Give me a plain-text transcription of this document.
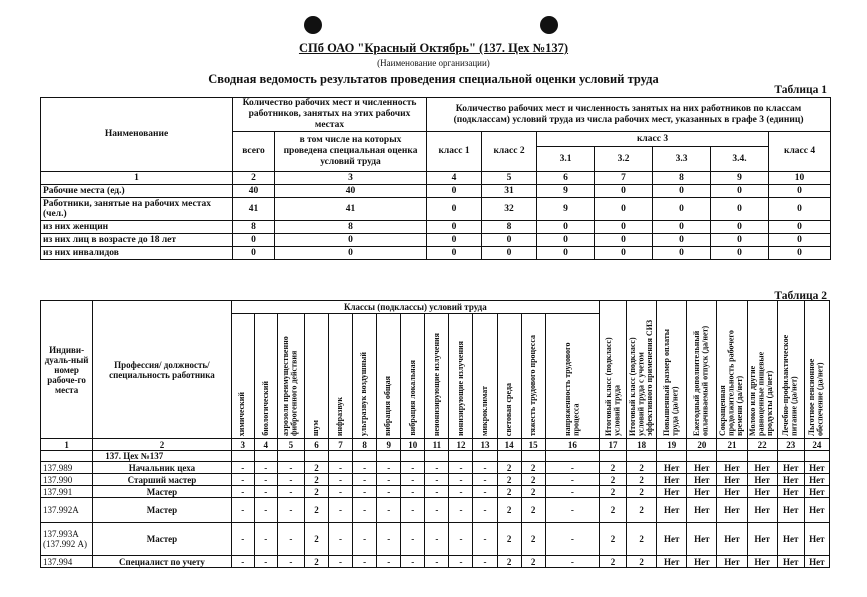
СПб ОАО "Красный Октябрь" (137. Цех №137)
(Наименование организации)
Сводная ведомость результатов проведения специальной оценки условий труда
Таблица 1
Наименование	Количество рабочих мест и численность работников, занятых на этих рабочих местах		Количество рабочих мест и численность занятых на них работников по классам (подклассам) условий труда из числа рабочих мест, указанных в графе 3 (единиц)						
	всего	в том числе на которых проведена специальная оценка условий труда	класс 1	класс 2	класс 3				класс 4
					3.1	3.2	3.3	3.4.	
1	2	3	4	5	6	7	8	9	10
Рабочие места (ед.)	40	40	0	31	9	0	0	0	0
Работники, занятые на рабочих местах (чел.)	41	41	0	32	9	0	0	0	0
из них женщин	8	8	0	8	0	0	0	0	0
из них лиц в возрасте до 18 лет	0	0	0	0	0	0	0	0	0
из них инвалидов	0	0	0	0	0	0	0	0	0
Таблица 2
Индиви-дуаль-ный номер рабоче-го места	Профессия/ должность/ специальность работника	Классы (подклассы) условий труда														Итоговый класс (подкласс) условий труда	Итоговый класс (подкласс) условий труда с учетом эффективного применения СИЗ	Повышенный размер оплаты труда (да/нет)	Ежегодный дополнительный оплачиваемый отпуск (да/нет)	Сокращенная продолжительность рабочего времени (да/нет)	Молоко или другие равноценные пищевые продукты (да/нет)	Лечебно-профилактическое питание (да/нет)	Льготное пенсионное обеспечение (да/нет)

		химический	биологический	аэрозоли преимущественно фиброгенного действия	шум	инфразвук	ультразвук воздушный	вибрация общая	вибрация локальная	неионизирующие излучения	ионизирующие излучения	микроклимат	световая среда	тяжесть трудового процесса	напряженность трудового процесса								

1	2	3	4	5	6	7	8	9	10	11	12	13	14	15	16	17	18	19	20	21	22	23	24
	137. Цех №137																						
137.989	Начальник цеха	-	-	-	2	-	-	-	-	-	-	-	2	2	-	2	2	Нет	Нет	Нет	Нет	Нет	Нет
137.990	Старший мастер	-	-	-	2	-	-	-	-	-	-	-	2	2	-	2	2	Нет	Нет	Нет	Нет	Нет	Нет
137.991	Мастер	-	-	-	2	-	-	-	-	-	-	-	2	2	-	2	2	Нет	Нет	Нет	Нет	Нет	Нет
137.992А	Мастер	-	-	-	2	-	-	-	-	-	-	-	2	2	-	2	2	Нет	Нет	Нет	Нет	Нет	Нет
137.993А (137.992 А)	Мастер	-	-	-	2	-	-	-	-	-	-	-	2	2	-	2	2	Нет	Нет	Нет	Нет	Нет	Нет
137.994	Специалист по учету	-	-	-	2	-	-	-	-	-	-	-	2	2	-	2	2	Нет	Нет	Нет	Нет	Нет	Нет
